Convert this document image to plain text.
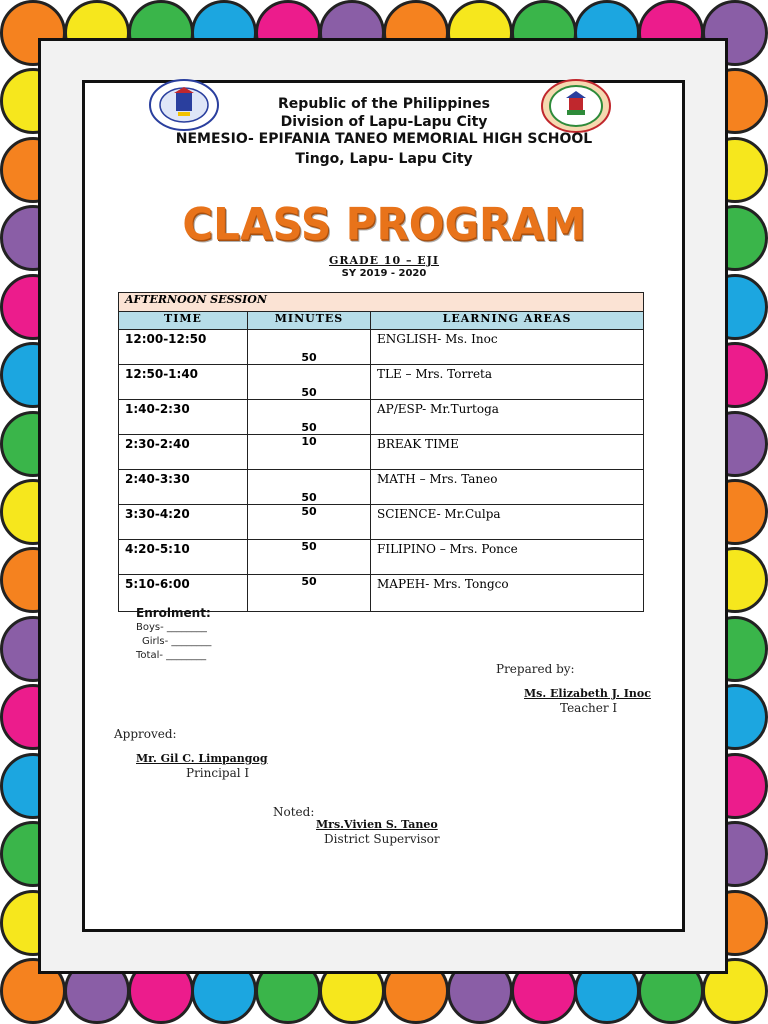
Republic of the Philippines
Division of Lapu-Lapu City
NEMESIO- EPIFANIA TANEO MEMORIAL HIGH SCHOOL
Tingo, Lapu- Lapu City
CLASS PROGRAM
GRADE 10 – EJI
SY 2019 - 2020
AFTERNOON SESSION		
TIME	MINUTES	LEARNING AREAS
12:00-12:50	50	ENGLISH- Ms. Inoc
12:50-1:40	50	TLE – Mrs. Torreta
1:40-2:30	50	AP/ESP- Mr.Turtoga
2:30-2:40	10	BREAK TIME
2:40-3:30	50	MATH – Mrs. Taneo
3:30-4:20	50	SCIENCE- Mr.Culpa
4:20-5:10	50	FILIPINO – Mrs. Ponce
5:10-6:00	50	MAPEH- Mrs. Tongco
Enrolment:
Boys- ________
Girls- ________
Total- ________
Prepared by:
Ms. Elizabeth J. Inoc
Teacher I
Approved:
Mr. Gil C. Limpangog
Principal I
Noted:
Mrs.Vivien S. Taneo
District Supervisor
